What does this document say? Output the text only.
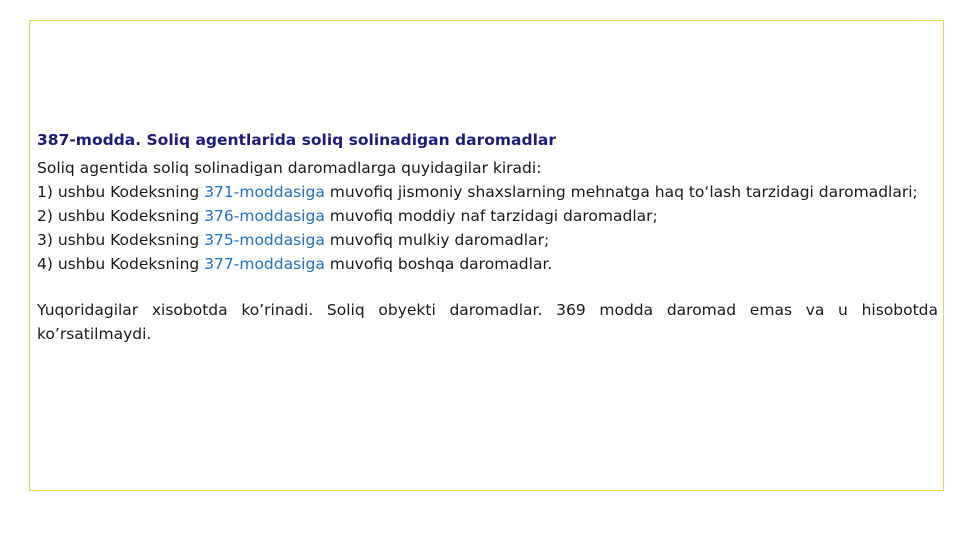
387-modda. Soliq agentlarida soliq solinadigan daromadlar

Soliq agentida soliq solinadigan daromadlarga quyidagilar kiradi:

1) ushbu Kodeksning 371-moddasiga muvofiq jismoniy shaxslarning mehnatga haq to‘lash tarzidagi daromadlari;

2) ushbu Kodeksning 376-moddasiga muvofiq moddiy naf tarzidagi daromadlar;

3) ushbu Kodeksning 375-moddasiga muvofiq mulkiy daromadlar;

4) ushbu Kodeksning 377-moddasiga muvofiq boshqa daromadlar.

Yuqoridagilar xisobotda ko’rinadi. Soliq obyekti daromadlar. 369 modda daromad emas va u hisobotda ko’rsatilmaydi.
